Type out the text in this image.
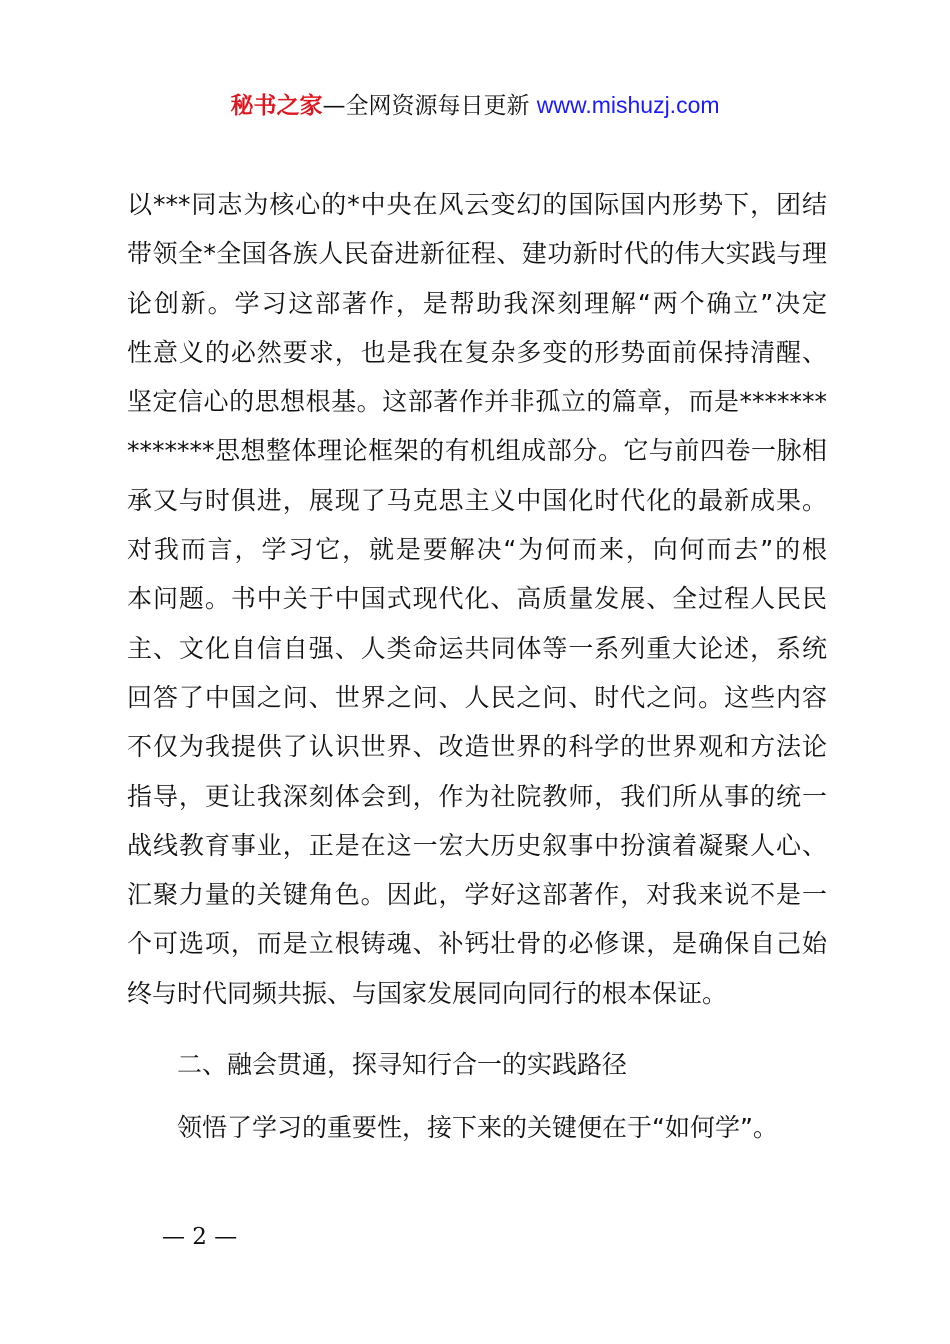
秘书之家—全网资源每日更新 www.mishuzj.com
以***同志为核心的*中央在风云变幻的国际国内形势下，团结
带领全*全国各族人民奋进新征程、建功新时代的伟大实践与理
论创新。学习这部著作，是帮助我深刻理解“两个确立”决定
性意义的必然要求，也是我在复杂多变的形势面前保持清醒、
坚定信心的思想根基。这部著作并非孤立的篇章，而是*******
*******思想整体理论框架的有机组成部分。它与前四卷一脉相
承又与时俱进，展现了马克思主义中国化时代化的最新成果。
对我而言，学习它，就是要解决“为何而来，向何而去”的根
本问题。书中关于中国式现代化、高质量发展、全过程人民民
主、文化自信自强、人类命运共同体等一系列重大论述，系统
回答了中国之问、世界之问、人民之问、时代之问。这些内容
不仅为我提供了认识世界、改造世界的科学的世界观和方法论
指导，更让我深刻体会到，作为社院教师，我们所从事的统一
战线教育事业，正是在这一宏大历史叙事中扮演着凝聚人心、
汇聚力量的关键角色。因此，学好这部著作，对我来说不是一
个可选项，而是立根铸魂、补钙壮骨的必修课，是确保自己始
终与时代同频共振、与国家发展同向同行的根本保证。
二、融会贯通，探寻知行合一的实践路径
领悟了学习的重要性，接下来的关键便在于“如何学”。
— 2 —
